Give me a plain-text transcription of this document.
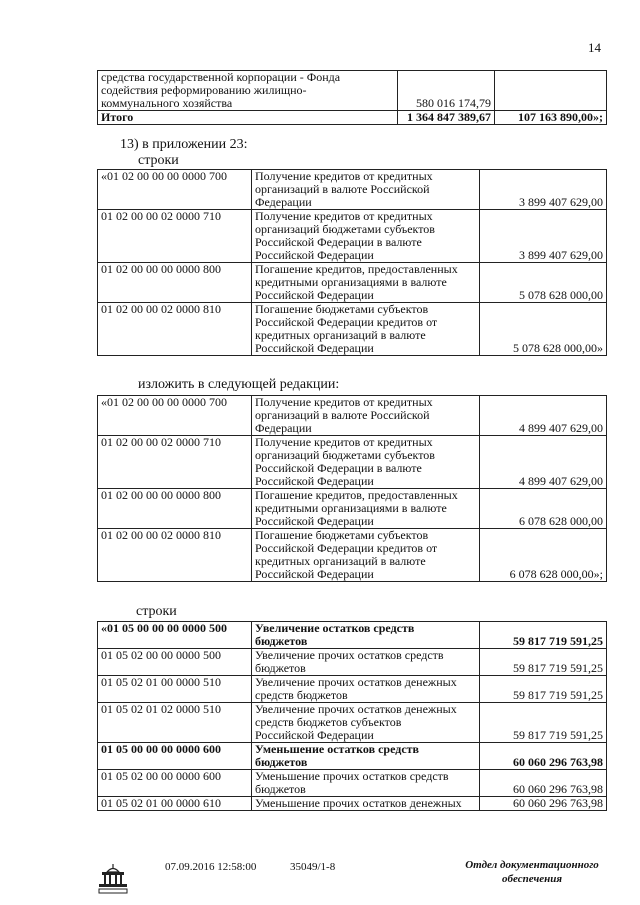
14
средства государственной корпорации - Фонда
содействия реформированию жилищно-
коммунального хозяйства	580 016 174,79	
Итого	1 364 847 389,67	107 163 890,00»;
13) в приложении 23:
строки
«01 02 00 00 00 0000 700	Получение кредитов от кредитных
организаций в валюте Российской
Федерации	3 899 407 629,00
01 02 00 00 02 0000 710	Получение кредитов от кредитных
организаций бюджетами субъектов
Российской Федерации в валюте
Российской Федерации	3 899 407 629,00
01 02 00 00 00 0000 800	Погашение кредитов, предоставленных
кредитными организациями в валюте
Российской Федерации	5 078 628 000,00
01 02 00 00 02 0000 810	Погашение бюджетами субъектов
Российской Федерации кредитов от
кредитных организаций в валюте
Российской Федерации	5 078 628 000,00»
изложить в следующей редакции:
«01 02 00 00 00 0000 700	Получение кредитов от кредитных
организаций в валюте Российской
Федерации	4 899 407 629,00
01 02 00 00 02 0000 710	Получение кредитов от кредитных
организаций бюджетами субъектов
Российской Федерации в валюте
Российской Федерации	4 899 407 629,00
01 02 00 00 00 0000 800	Погашение кредитов, предоставленных
кредитными организациями в валюте
Российской Федерации	6 078 628 000,00
01 02 00 00 02 0000 810	Погашение бюджетами субъектов
Российской Федерации кредитов от
кредитных организаций в валюте
Российской Федерации	6 078 628 000,00»;
строки
«01 05 00 00 00 0000 500	Увеличение остатков средств
бюджетов	59 817 719 591,25
01 05 02 00 00 0000 500	Увеличение прочих остатков средств
бюджетов	59 817 719 591,25
01 05 02 01 00 0000 510	Увеличение прочих остатков денежных
средств бюджетов	59 817 719 591,25
01 05 02 01 02 0000 510	Увеличение прочих остатков денежных
средств бюджетов субъектов
Российской Федерации	59 817 719 591,25
01 05 00 00 00 0000 600	Уменьшение остатков средств
бюджетов	60 060 296 763,98
01 05 02 00 00 0000 600	Уменьшение прочих остатков средств
бюджетов	60 060 296 763,98
01 05 02 01 00 0000 610	Уменьшение прочих остатков денежных	60 060 296 763,98
07.09.2016 12:58:00	35049/1-8	Отдел документационного
обеспечения
